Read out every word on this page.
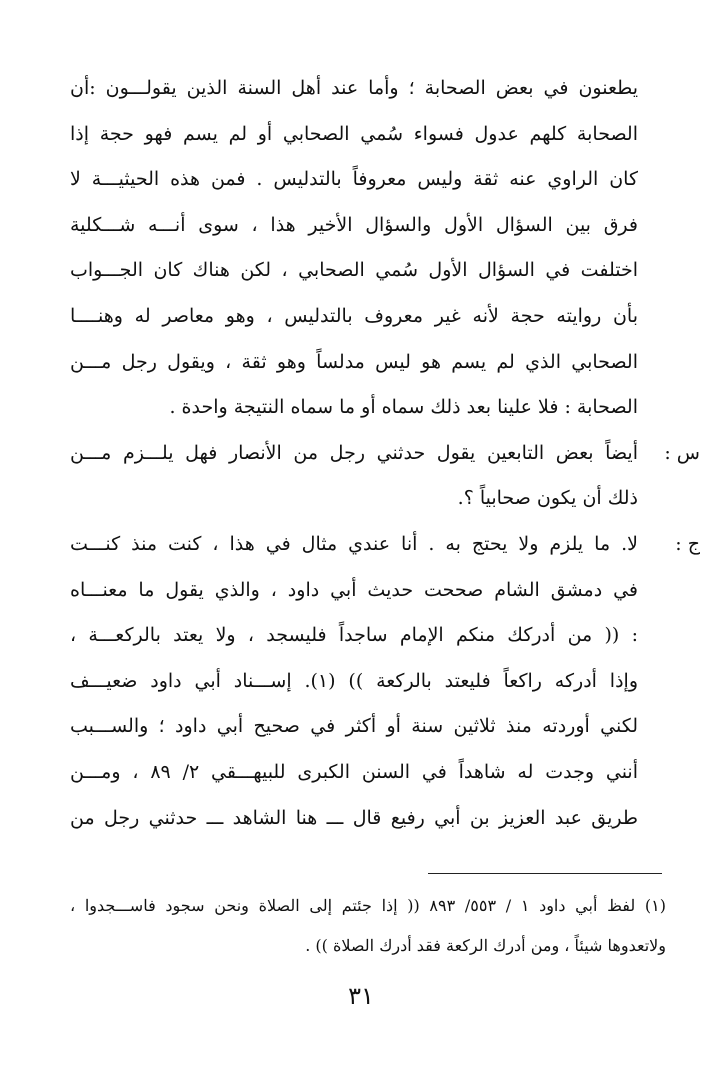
يطعنون في بعض الصحابة ؛ وأما عند أهل السنة الذين يقولـــون :أن
الصحابة كلهم عدول فسواء سُمي الصحابي أو لم يسم فهو حجة إذا
كان الراوي عنه ثقة وليس معروفاً بالتدليس . فمن هذه الحيثيـــة لا
فرق بين السؤال الأول والسؤال الأخير هذا ، سوى أنـــه شـــكلية
اختلفت في السؤال الأول سُمي الصحابي ، لكن هناك كان الجـــواب
بأن روايته حجة لأنه غير معروف بالتدليس ، وهو معاصر له وهنــــا
الصحابي الذي لم يسم هو ليس مدلساً وهو ثقة ، ويقول رجل مـــن
الصحابة : فلا علينا بعد ذلك سماه أو ما سماه النتيجة واحدة .
س :
أيضاً بعض التابعين يقول حدثني رجل من الأنصار فهل يلـــزم مـــن
ذلك أن يكون صحابياً ؟.
ج :
لا. ما يلزم ولا يحتج به . أنا عندي مثال في هذا ، كنت منذ كنـــت
في دمشق الشام صححت حديث أبي داود ، والذي يقول ما معنـــاه
: (( من أدركك منكم الإمام ساجداً فليسجد ، ولا يعتد بالركعـــة ،
وإذا أدركه راكعاً فليعتد بالركعة )) (١). إســـناد أبي داود ضعيـــف
لكني أوردته منذ ثلاثين سنة أو أكثر في صحيح أبي داود ؛ والســـبب
أنني وجدت له شاهداً في السنن الكبرى للبيهـــقي ٢/ ٨٩ ، ومـــن
طريق عبد العزيز بن أبي رفيع قال ـــ هنا الشاهد ـــ حدثني رجل من
(١) لفظ أبي داود ١ / ٥٥٣/ ٨٩٣ (( إذا جئتم إلى الصلاة ونحن سجود فاســـجدوا ،
ولاتعدوها شيئاً ، ومن أدرك الركعة فقد أدرك الصلاة )) .
٣١
